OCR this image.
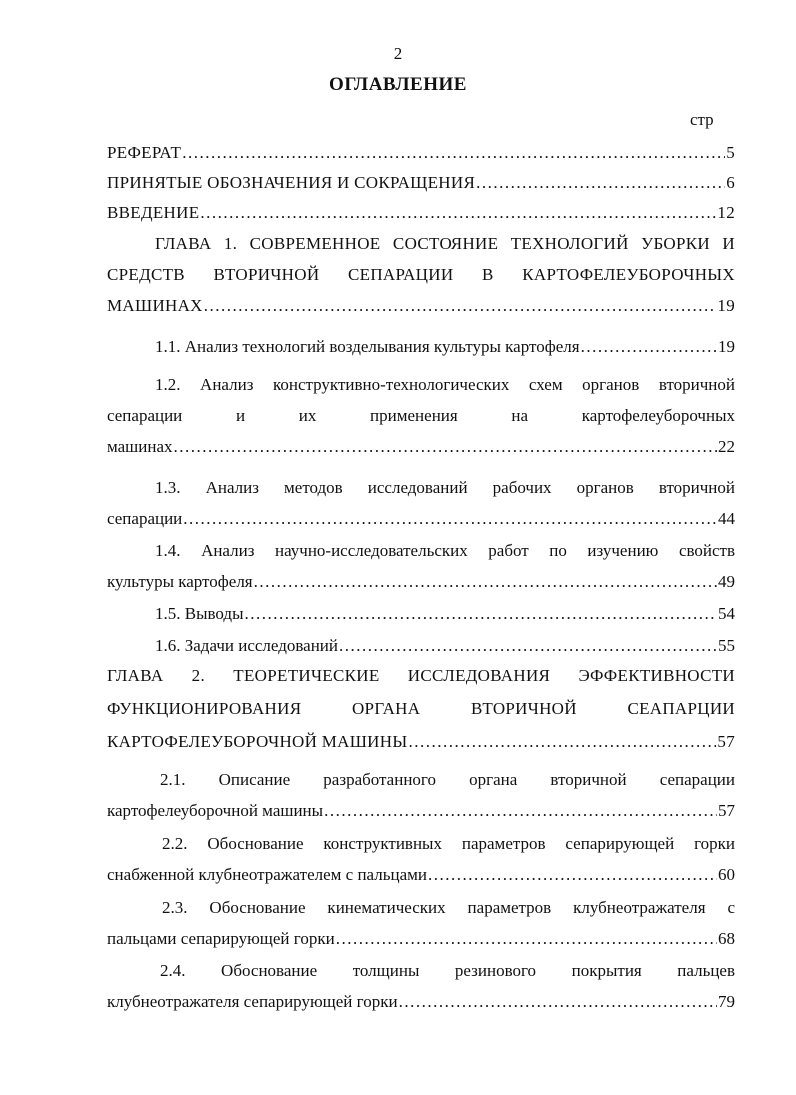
2
ОГЛАВЛЕНИЕ
стр
РЕФЕРАТ .....	5
ПРИНЯТЫЕ ОБОЗНАЧЕНИЯ И СОКРАЩЕНИЯ .....	6
ВВЕДЕНИЕ .....	12
ГЛАВА 1. СОВРЕМЕННОЕ СОСТОЯНИЕ ТЕХНОЛОГИЙ УБОРКИ И
СРЕДСТВ ВТОРИЧНОЙ СЕПАРАЦИИ В КАРТОФЕЛЕУБОРОЧНЫХ
МАШИНАХ .....	19
1.1. Анализ технологий возделывания культуры картофеля .....	19
1.2. Анализ конструктивно-технологических схем органов вторичной
сепарации и их применения на картофелеуборочных
машинах .....	22
1.3. Анализ методов исследований рабочих органов вторичной
сепарации .....	44
1.4. Анализ научно-исследовательских работ по изучению свойств
культуры картофеля .....	49
1.5. Выводы .....	54
1.6. Задачи исследований .....	55
ГЛАВА 2. ТЕОРЕТИЧЕСКИЕ ИССЛЕДОВАНИЯ ЭФФЕКТИВНОСТИ
ФУНКЦИОНИРОВАНИЯ ОРГАНА ВТОРИЧНОЙ СЕАПАРЦИИ
КАРТОФЕЛЕУБОРОЧНОЙ МАШИНЫ .....	57
2.1. Описание разработанного органа вторичной сепарации
картофелеуборочной машины .....	57
2.2. Обоснование конструктивных параметров сепарирующей горки
снабженной клубнеотражателем с пальцами .....	60
2.3. Обоснование кинематических параметров клубнеотражателя с
пальцами сепарирующей горки .....	68
2.4. Обоснование толщины резинового покрытия пальцев
клубнеотражателя сепарирующей горки .....	79
